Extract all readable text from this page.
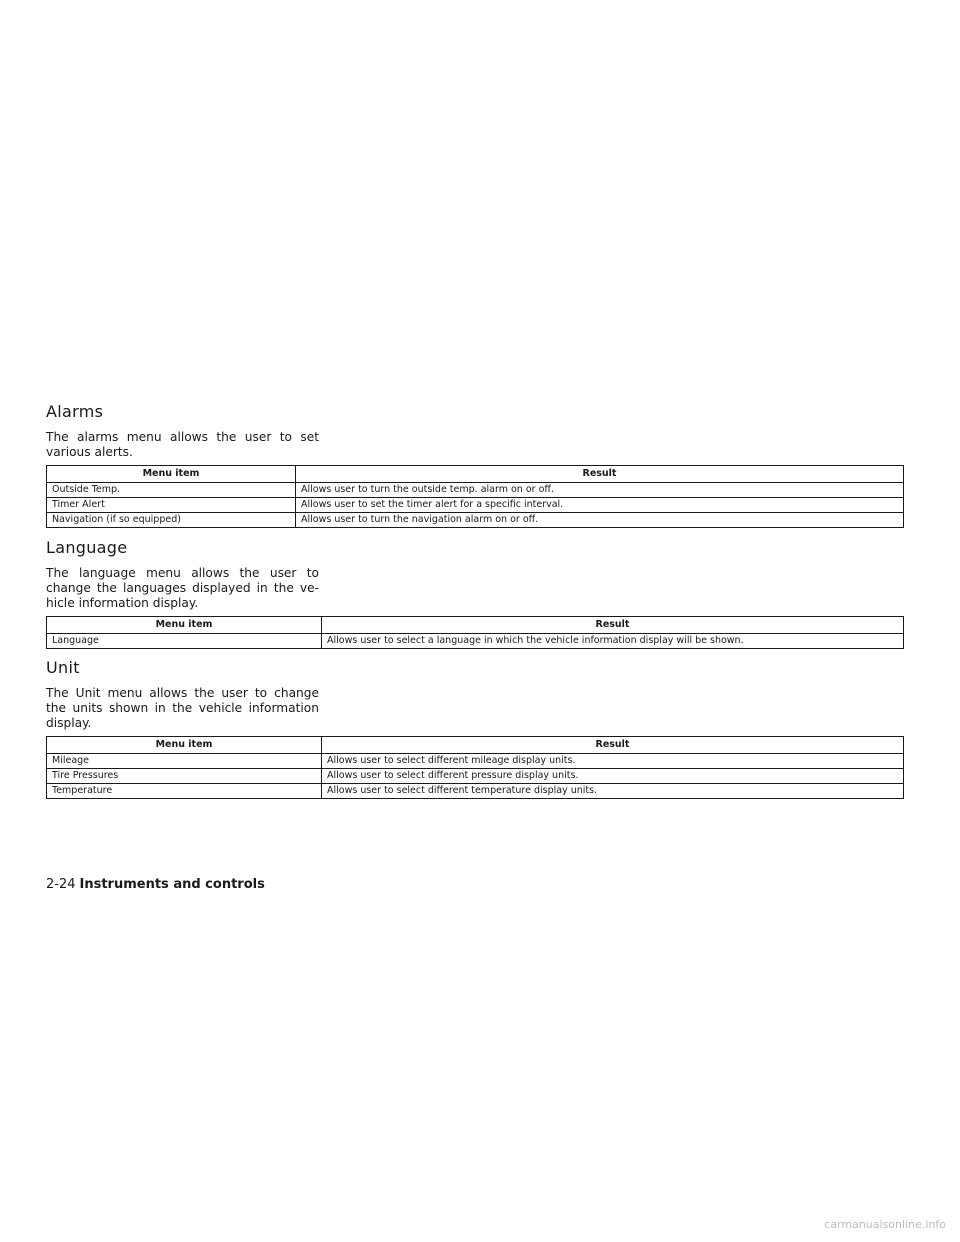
Alarms
The alarms menu allows the user to set
various alerts.
Menu item	Result
Outside Temp.	Allows user to turn the outside temp. alarm on or off.
Timer Alert	Allows user to set the timer alert for a specific interval.
Navigation (if so equipped)	Allows user to turn the navigation alarm on or off.
Language
The language menu allows the user to
change the languages displayed in the ve-
hicle information display.
Menu item	Result
Language	Allows user to select a language in which the vehicle information display will be shown.
Unit
The Unit menu allows the user to change
the units shown in the vehicle information
display.
Menu item	Result
Mileage	Allows user to select different mileage display units.
Tire Pressures	Allows user to select different pressure display units.
Temperature	Allows user to select different temperature display units.
2-24 Instruments and controls
carmanualsonline.info
